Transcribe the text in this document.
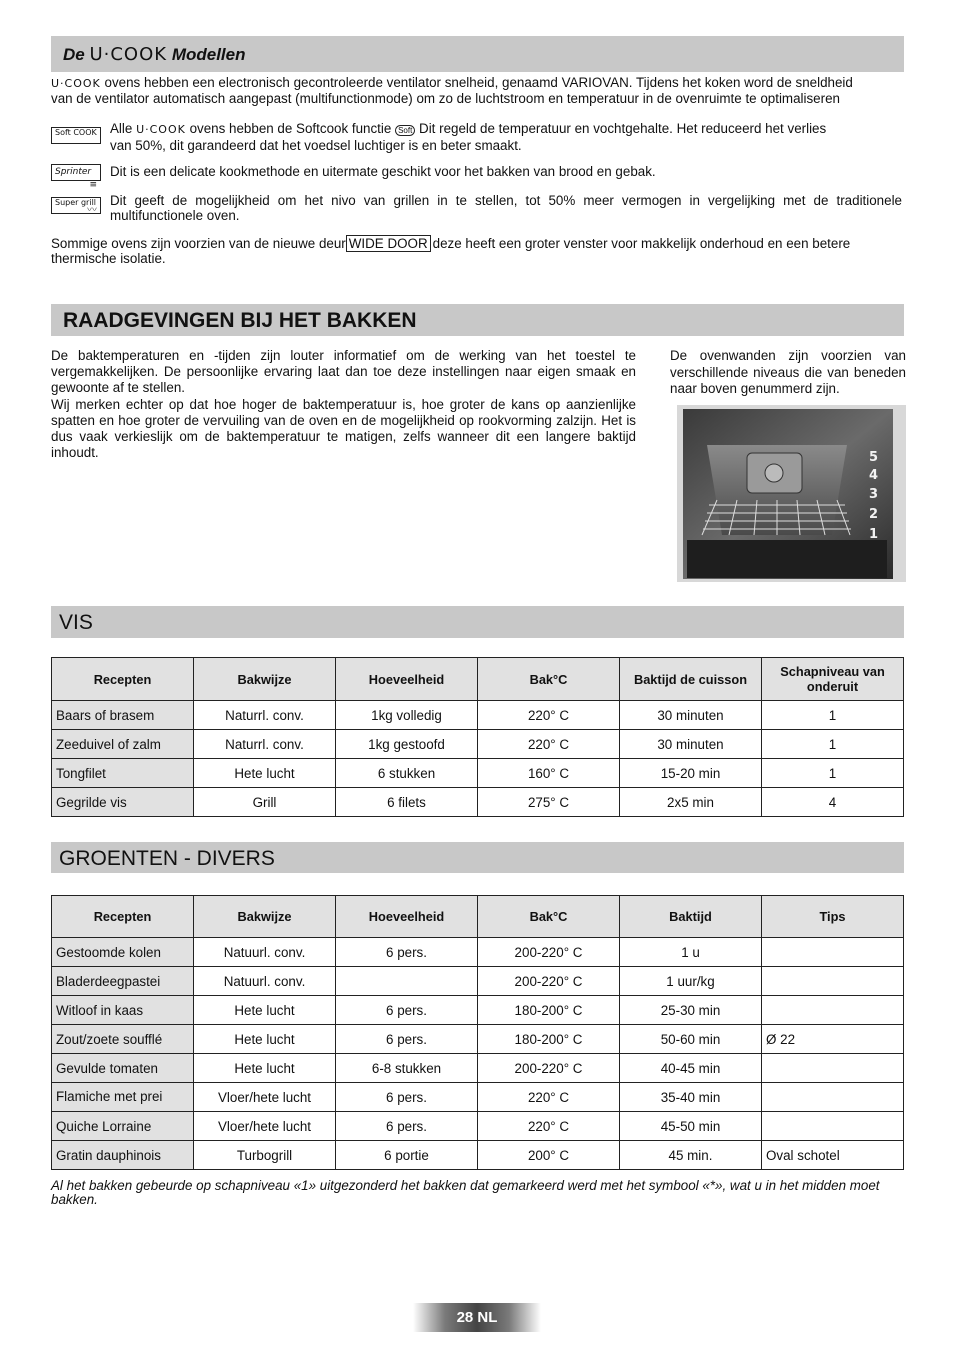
De U·COOK Modellen
U·COOK ovens hebben een electronisch gecontroleerde ventilator snelheid, genaamd VARIOVAN. Tijdens het koken word de sneldheid
van de ventilator automatisch aangepast (multifunctionmode) om zo de luchtstroom en temperatuur in de ovenruimte te optimaliseren
Soft COOK Alle U·COOK ovens hebben de Softcook functie Soft Dit regeld de temperatuur en vochtgehalte. Het reduceerd het verlies
van 50%, dit garandeerd dat het voedsel luchtiger is en beter smaakt.
Sprinter
≡
Dit is een delicate kookmethode en uitermate geschikt voor het bakken van brood en gebak.
Super grill
〰
Dit geeft de mogelijkheid om het nivo van grillen in te stellen, tot 50% meer vermogen in vergelijking met de traditionele
multifunctionele oven.
Sommige ovens zijn voorzien van de nieuwe deur WIDE DOOR deze heeft een groter venster voor makkelijk onderhoud en een betere
thermische isolatie.
RAADGEVINGEN BIJ HET BAKKEN
De baktemperaturen en -tijden zijn louter informatief om de werking van het toestel te vergemakkelijken. De persoonlijke ervaring laat dan toe deze instellingen naar eigen smaak en gewoonte af te stellen.
Wij merken echter op dat hoe hoger de baktemperatuur is, hoe groter de kans op aanzienlijke spatten en hoe groter de vervuiling van de oven en de mogelijkheid op rookvorming zalzijn. Het is dus vaak verkieslijk om de baktemperatuur te matigen, zelfs wanneer dit een langere baktijd inhoudt.
De ovenwanden zijn voorzien van verschillende niveaus die van beneden naar boven genummerd zijn.
5
4
3
2
1
VIS
Recepten	Bakwijze	Hoeveelheid	Bak°C	Baktijd de cuisson	Schapniveau van onderuit
Baars of brasem	Naturrl. conv.	1kg volledig	220° C	30 minuten	1
Zeeduivel of zalm	Naturrl. conv.	1kg gestoofd	220° C	30 minuten	1
Tongfilet	Hete lucht	6 stukken	160° C	15-20 min	1
Gegrilde vis	Grill	6 filets	275° C	2x5 min	4
GROENTEN - DIVERS
Recepten	Bakwijze	Hoeveelheid	Bak°C	Baktijd	Tips
Gestoomde kolen	Natuurl. conv.	6 pers.	200-220° C	1 u	
Bladerdeegpastei	Natuurl. conv.		200-220° C	1 uur/kg	
Witloof in kaas	Hete lucht	6 pers.	180-200° C	25-30 min	
Zout/zoete soufflé	Hete lucht	6 pers.	180-200° C	50-60 min	Ø 22
Gevulde tomaten	Hete lucht	6-8 stukken	200-220° C	40-45 min	
Flamiche met prei	Vloer/hete lucht	6 pers.	220° C	35-40 min	
Quiche Lorraine	Vloer/hete lucht	6 pers.	220° C	45-50 min	
Gratin dauphinois	Turbogrill	6 portie	200° C	45 min.	Oval schotel
Al het bakken gebeurde op schapniveau «1» uitgezonderd het bakken dat gemarkeerd werd met het symbool «*», wat u in het midden moet bakken.
28 NL
